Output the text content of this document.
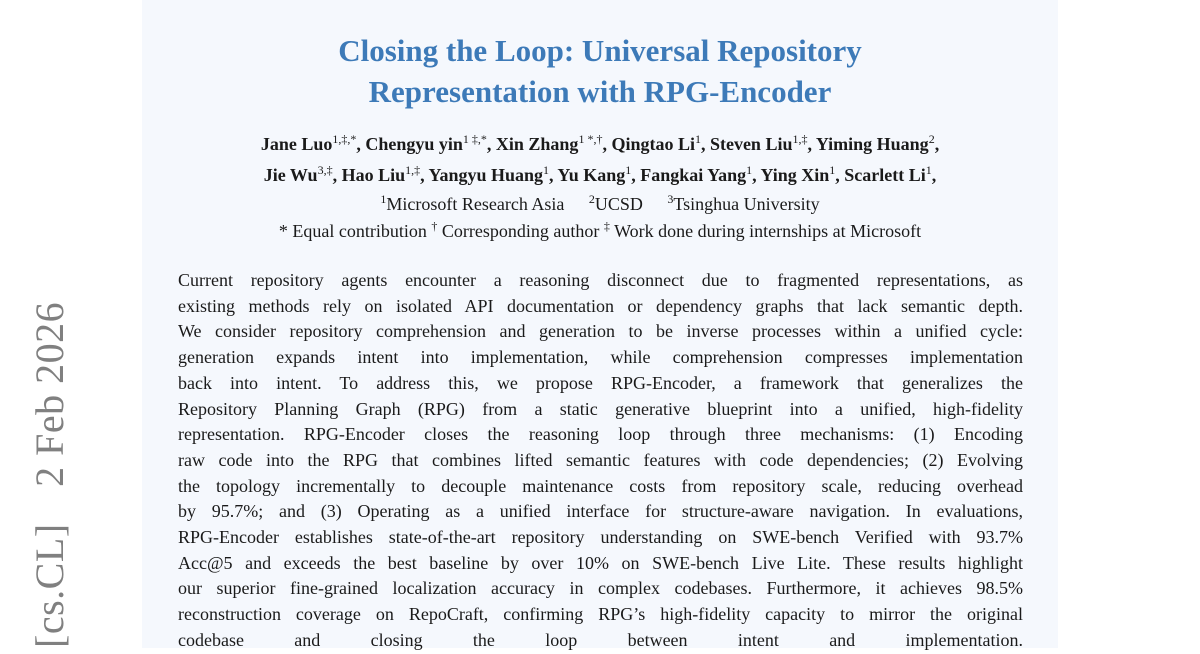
[cs.CL] 2 Feb 2026
Closing the Loop: Universal Repository
Representation with RPG-Encoder
Jane Luo$^{1,\ddagger,*}$, Chengyu yin$^{1 \ddagger,*}$, Xin Zhang$^{1 *,\dagger}$, Qingtao Li$^1$, Steven Liu$^{1,\ddagger}$, Yiming Huang$^2$,
Jie $Wu^{3,\ddagger}$, Hao Liu$^{1,\ddagger}$, Yangyu Huang$^1$, Yu Kang$^1$, Fangkai Yang$^1$, Ying Xin$^1$, Scarlett Li$^1$,
$^1$Microsoft Research Asia $^2$UCSD $^3$Tsinghua University
* Equal contribution † Corresponding author ‡ Work done during internships at Microsoft
Current repository agents encounter a reasoning disconnect due to fragmented representations, as
existing methods rely on isolated API documentation or dependency graphs that lack semantic depth.
We consider repository comprehension and generation to be inverse processes within a unified cycle:
generation expands intent into implementation, while comprehension compresses implementation
back into intent. To address this, we propose RPG-Encoder, a framework that generalizes the
Repository Planning Graph (RPG) from a static generative blueprint into a unified, high-fidelity
representation. RPG-Encoder closes the reasoning loop through three mechanisms: (1) Encoding
raw code into the RPG that combines lifted semantic features with code dependencies; (2) Evolving
the topology incrementally to decouple maintenance costs from repository scale, reducing overhead
by 95.7%; and (3) Operating as a unified interface for structure-aware navigation. In evaluations,
RPG-Encoder establishes state-of-the-art repository understanding on SWE-bench Verified with 93.7%
Acc@5 and exceeds the best baseline by over 10% on SWE-bench Live Lite. These results highlight
our superior fine-grained localization accuracy in complex codebases. Furthermore, it achieves 98.5%
reconstruction coverage on RepoCraft, confirming RPG’s high-fidelity capacity to mirror the original
codebase and closing the loop between intent and implementation.
